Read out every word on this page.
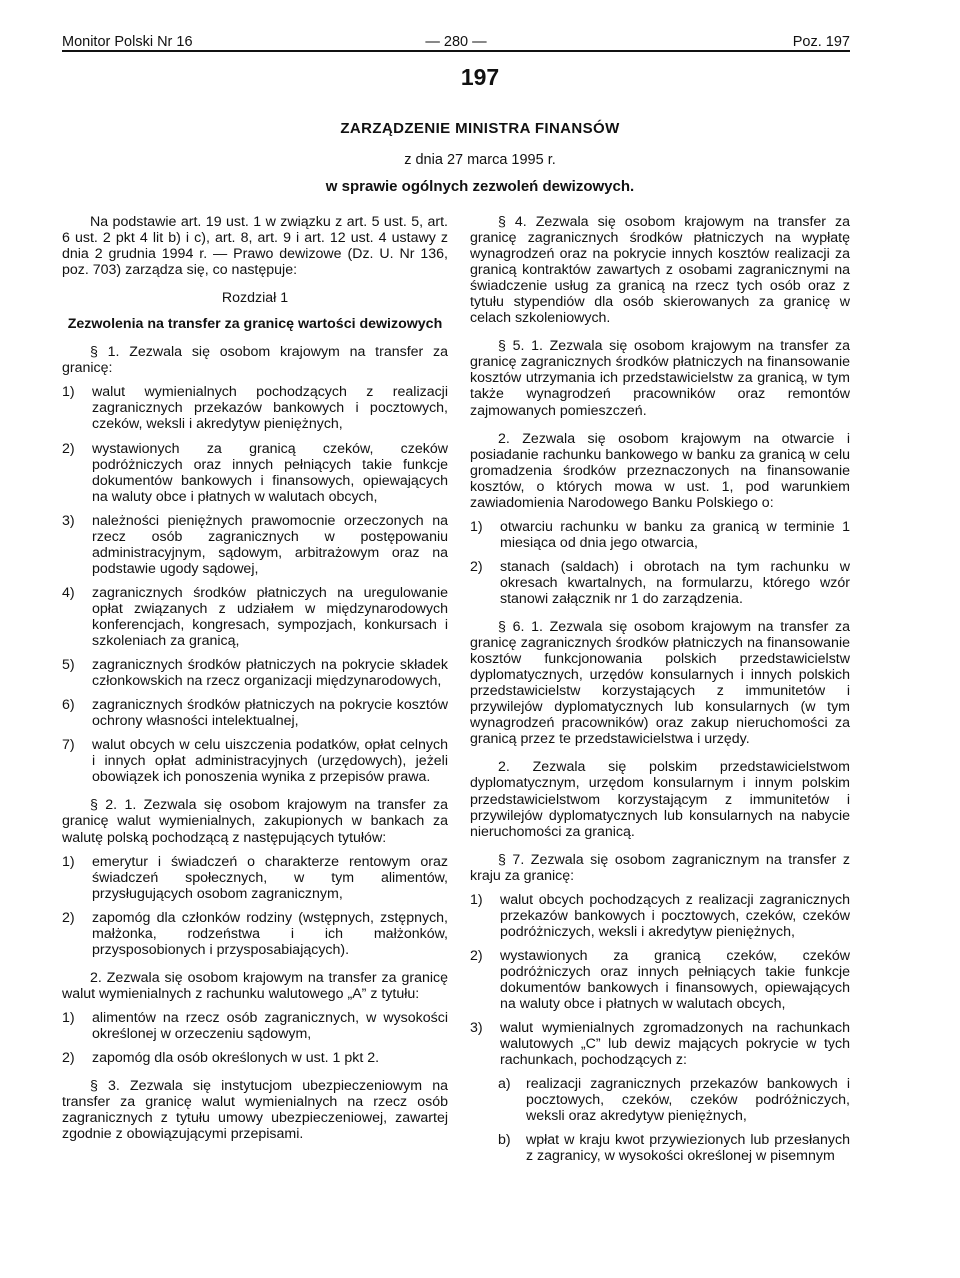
Monitor Polski Nr 16	— 280 —	Poz. 197
197
ZARZĄDZENIE MINISTRA FINANSÓW
z dnia 27 marca 1995 r.
w sprawie ogólnych zezwoleń dewizowych.

Na podstawie art. 19 ust. 1 w związku z art. 5 ust. 5, art. 6 ust. 2 pkt 4 lit b) i c), art. 8, art. 9 i art. 12 ust. 4 ustawy z dnia 2 grudnia 1994 r. — Prawo dewizowe (Dz. U. Nr 136, poz. 703) zarządza się, co następuje:

Rozdział 1
Zezwolenia na transfer za granicę wartości dewizowych

§ 1. Zezwala się osobom krajowym na transfer za granicę:

1)	walut wymienialnych pochodzących z realizacji zagranicznych przekazów bankowych i pocztowych, czeków, weksli i akredytyw pieniężnych,
2)	wystawionych za granicą czeków, czeków podróżniczych oraz innych pełniących takie funkcje dokumentów bankowych i finansowych, opiewających na waluty obce i płatnych w walutach obcych,
3)	należności pieniężnych prawomocnie orzeczonych na rzecz osób zagranicznych w postępowaniu administracyjnym, sądowym, arbitrażowym oraz na podstawie ugody sądowej,
4)	zagranicznych środków płatniczych na uregulowanie opłat związanych z udziałem w międzynarodowych konferencjach, kongresach, sympozjach, konkursach i szkoleniach za granicą,
5)	zagranicznych środków płatniczych na pokrycie składek członkowskich na rzecz organizacji międzynarodowych,
6)	zagranicznych środków płatniczych na pokrycie kosztów ochrony własności intelektualnej,
7)	walut obcych w celu uiszczenia podatków, opłat celnych i innych opłat administracyjnych (urzędowych), jeżeli obowiązek ich ponoszenia wynika z przepisów prawa.

§ 2. 1. Zezwala się osobom krajowym na transfer za granicę walut wymienialnych, zakupionych w bankach za walutę polską pochodzącą z następujących tytułów:

1)	emerytur i świadczeń o charakterze rentowym oraz świadczeń społecznych, w tym alimentów, przysługujących osobom zagranicznym,
2)	zapomóg dla członków rodziny (wstępnych, zstępnych, małżonka, rodzeństwa i ich małżonków, przysposobionych i przysposabiających).

2. Zezwala się osobom krajowym na transfer za granicę walut wymienialnych z rachunku walutowego „A” z tytułu:

1)	alimentów na rzecz osób zagranicznych, w wysokości określonej w orzeczeniu sądowym,
2)	zapomóg dla osób określonych w ust. 1 pkt 2.

§ 3. Zezwala się instytucjom ubezpieczeniowym na transfer za granicę walut wymienialnych na rzecz osób zagranicznych z tytułu umowy ubezpieczeniowej, zawartej zgodnie z obowiązującymi przepisami.

§ 4. Zezwala się osobom krajowym na transfer za granicę zagranicznych środków płatniczych na wypłatę wynagrodzeń oraz na pokrycie innych kosztów realizacji za granicą kontraktów zawartych z osobami zagranicznymi na świadczenie usług za granicą na rzecz tych osób oraz z tytułu stypendiów dla osób skierowanych za granicę w celach szkoleniowych.

§ 5. 1. Zezwala się osobom krajowym na transfer za granicę zagranicznych środków płatniczych na finansowanie kosztów utrzymania ich przedstawicielstw za granicą, w tym także wynagrodzeń pracowników oraz remontów zajmowanych pomieszczeń.

2. Zezwala się osobom krajowym na otwarcie i posiadanie rachunku bankowego w banku za granicą w celu gromadzenia środków przeznaczonych na finansowanie kosztów, o których mowa w ust. 1, pod warunkiem zawiadomienia Narodowego Banku Polskiego o:

1)	otwarciu rachunku w banku za granicą w terminie 1 miesiąca od dnia jego otwarcia,
2)	stanach (saldach) i obrotach na tym rachunku w okresach kwartalnych, na formularzu, którego wzór stanowi załącznik nr 1 do zarządzenia.

§ 6. 1. Zezwala się osobom krajowym na transfer za granicę zagranicznych środków płatniczych na finansowanie kosztów funkcjonowania polskich przedstawicielstw dyplomatycznych, urzędów konsularnych i innych polskich przedstawicielstw korzystających z immunitetów i przywilejów dyplomatycznych lub konsularnych (w tym wynagrodzeń pracowników) oraz zakup nieruchomości za granicą przez te przedstawicielstwa i urzędy.

2. Zezwala się polskim przedstawicielstwom dyplomatycznym, urzędom konsularnym i innym polskim przedstawicielstwom korzystającym z immunitetów i przywilejów dyplomatycznych lub konsularnych na nabycie nieruchomości za granicą.

§ 7. Zezwala się osobom zagranicznym na transfer z kraju za granicę:

1)	walut obcych pochodzących z realizacji zagranicznych przekazów bankowych i pocztowych, czeków, czeków podróżniczych, weksli i akredytyw pieniężnych,
2)	wystawionych za granicą czeków, czeków podróżniczych oraz innych pełniących takie funkcje dokumentów bankowych i finansowych, opiewających na waluty obce i płatnych w walutach obcych,
3)	walut wymienialnych zgromadzonych na rachunkach walutowych „C” lub dewiz mających pokrycie w tych rachunkach, pochodzących z:
a)	realizacji zagranicznych przekazów bankowych i pocztowych, czeków, czeków podróżniczych, weksli oraz akredytyw pieniężnych,
b)	wpłat w kraju kwot przywiezionych lub przesłanych z zagranicy, w wysokości określonej w pisemnym
